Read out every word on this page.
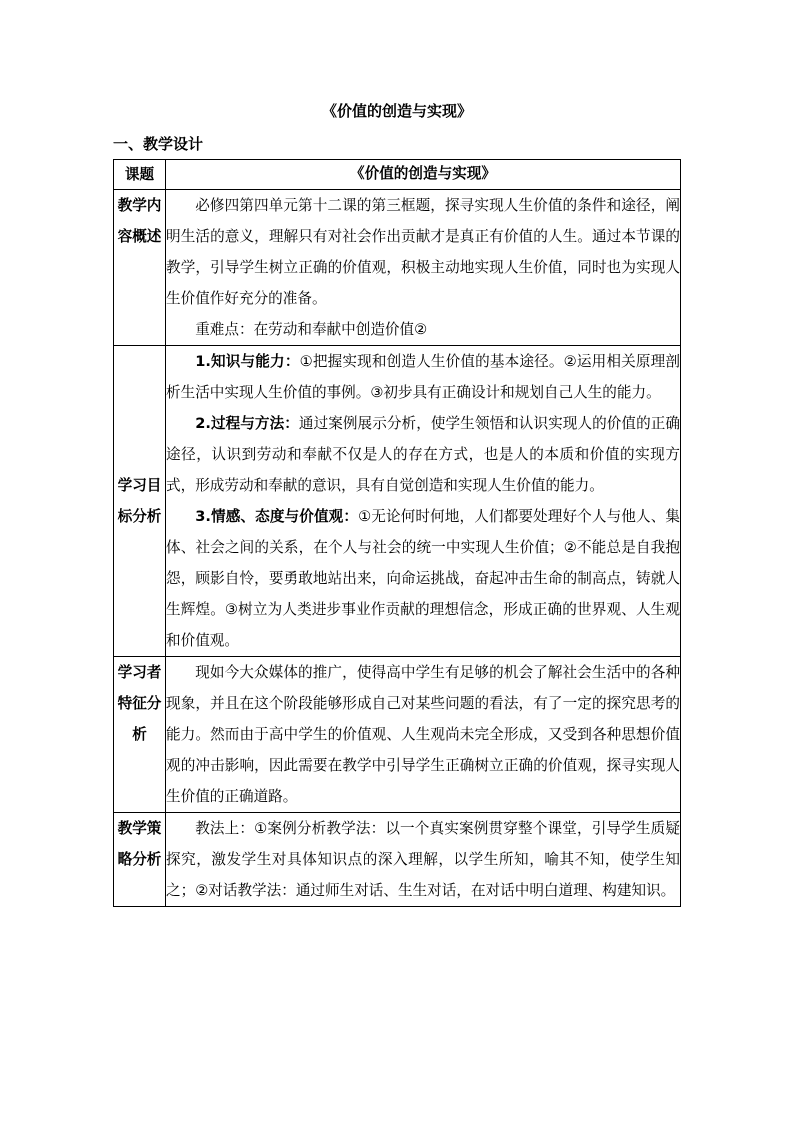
《价值的创造与实现》
一、教学设计
课题	《价值的创造与实现》
教学内容概述	必修四第四单元第十二课的第三框题，探寻实现人生价值的条件和途径，阐明生活的意义，理解只有对社会作出贡献才是真正有价值的人生。通过本节课的教学，引导学生树立正确的价值观，积极主动地实现人生价值，同时也为实现人生价值作好充分的准备。

重难点：在劳动和奉献中创造价值②

学习目标分析	1.知识与能力：①把握实现和创造人生价值的基本途径。②运用相关原理剖析生活中实现人生价值的事例。③初步具有正确设计和规划自己人生的能力。

2.过程与方法：通过案例展示分析，使学生领悟和认识实现人的价值的正确途径，认识到劳动和奉献不仅是人的存在方式，也是人的本质和价值的实现方式，形成劳动和奉献的意识，具有自觉创造和实现人生价值的能力。

3.情感、态度与价值观：①无论何时何地，人们都要处理好个人与他人、集体、社会之间的关系，在个人与社会的统一中实现人生价值；②不能总是自我抱怨，顾影自怜，要勇敢地站出来，向命运挑战，奋起冲击生命的制高点，铸就人生辉煌。③树立为人类进步事业作贡献的理想信念，形成正确的世界观、人生观和价值观。

学习者特征分析	现如今大众媒体的推广，使得高中学生有足够的机会了解社会生活中的各种现象，并且在这个阶段能够形成自己对某些问题的看法，有了一定的探究思考的能力。然而由于高中学生的价值观、人生观尚未完全形成，又受到各种思想价值观的冲击影响，因此需要在教学中引导学生正确树立正确的价值观，探寻实现人生价值的正确道路。

教学策略分析	教法上：①案例分析教学法：以一个真实案例贯穿整个课堂，引导学生质疑探究，激发学生对具体知识点的深入理解，以学生所知，喻其不知，使学生知之；②对话教学法：通过师生对话、生生对话，在对话中明白道理、构建知识。
